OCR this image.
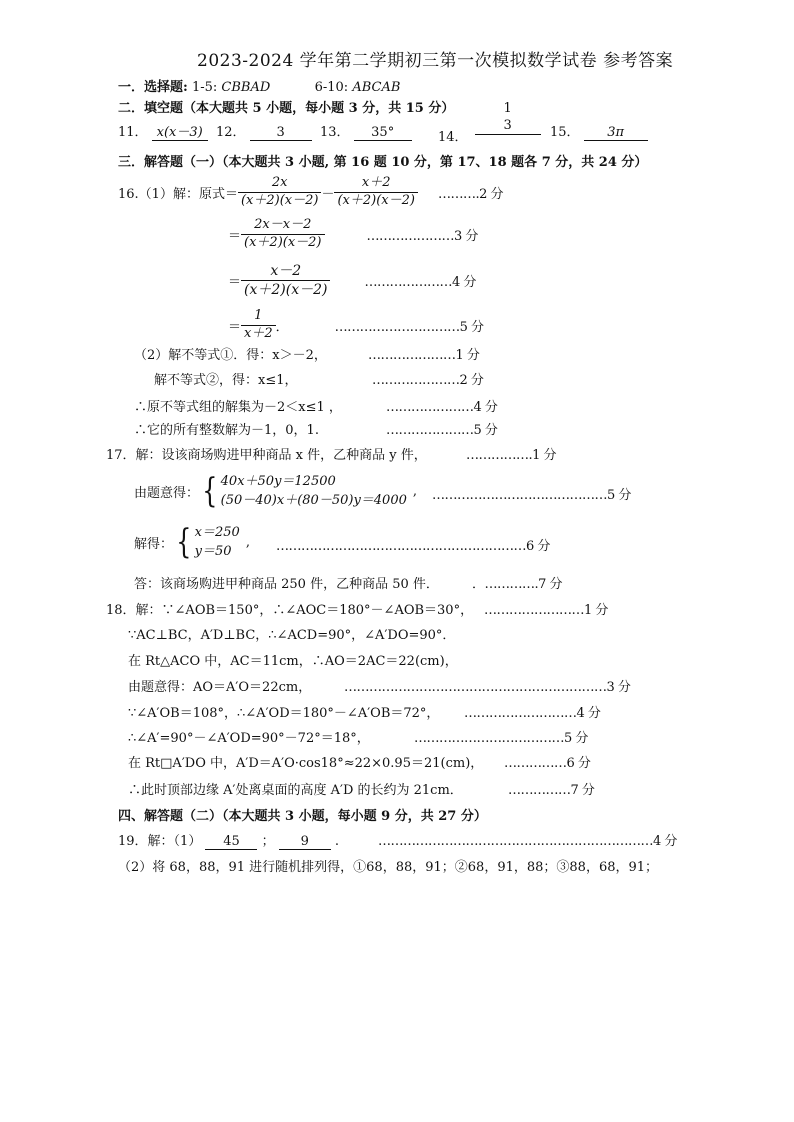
2023-2024 学年第二学期初三第一次模拟数学试卷 参考答案
一．选择题: 1-5: CBBAD	6-10: ABCAB
二．填空题（本大题共 5 小题，每小题 3 分，共 15 分）
11． x(x－3)	12． 3	13． 35°	14．
1
3	15． 3π
三．解答题（一）（本大题共 3 小题, 第 16 题 10 分，第 17、18 题各 7 分，共 24 分）
16.（1）解：原式＝ $\frac{2x}{(x+2)(x-2)} - \frac{x+2}{(x+2)(x-2)}$ ……….2 分
＝ $\frac{2x-x-2}{(x+2)(x-2)}$	…………………3 分
＝ $\frac{x-2}{(x+2)(x-2)}$	…………………4 分
＝ $\frac{1}{x+2}$ ．	…………………………5 分
（2）解不等式①．得：x＞－2，	…………………1 分
解不等式②，得：x≤1，	…………………2 分
∴原不等式组的解集为－2＜x≤1 ，	…………………4 分
∴它的所有整数解为－1，0，1.	…………………5 分
17．解：设该商场购进甲种商品 x 件，乙种商品 y 件，	…………….1 分
由题意得： { 40x＋50y＝12500
(50－40)x＋(80－50)y＝4000
, ……………………………………5 分
解得： { x＝250
y＝50
, ……………………………………………………6 分
答：该商场购进甲种商品 250 件，乙种商品 50 件．	．………….7 分
18．解：∵∠AOB＝150°，∴∠AOC＝180°－∠AOB＝30°， ……………………1 分
∵AC⊥BC，A′D⊥BC，∴∠ACD=90°，∠A′DO=90°．
在 Rt△ACO 中，AC＝11cm，∴AO＝2AC＝22(cm)，
由题意得：AO＝A′O＝22cm，	………………………………………………………3 分
∵∠A′OB＝108°，∴∠A′OD＝180°－∠A′OB＝72°， ………………………4 分
∴∠A′=90°－∠A′OD=90°－72°＝18°，	………………………………5 分
在 Rt□A′DO 中，A′D＝A′O·cos18°≈22×0.95＝21(cm)， ……………6 分
∴此时顶部边缘 A′处离桌面的高度 A′D 的长约为 21cm．	……………7 分
四、解答题（二）（本大题共 3 小题，每小题 9 分，共 27 分）
19．解：（1） 45 ； 9 .	…………………………………………………………4 分
（2）将 68，88，91 进行随机排列得，①68，88，91；②68，91，88；③88，68，91；
